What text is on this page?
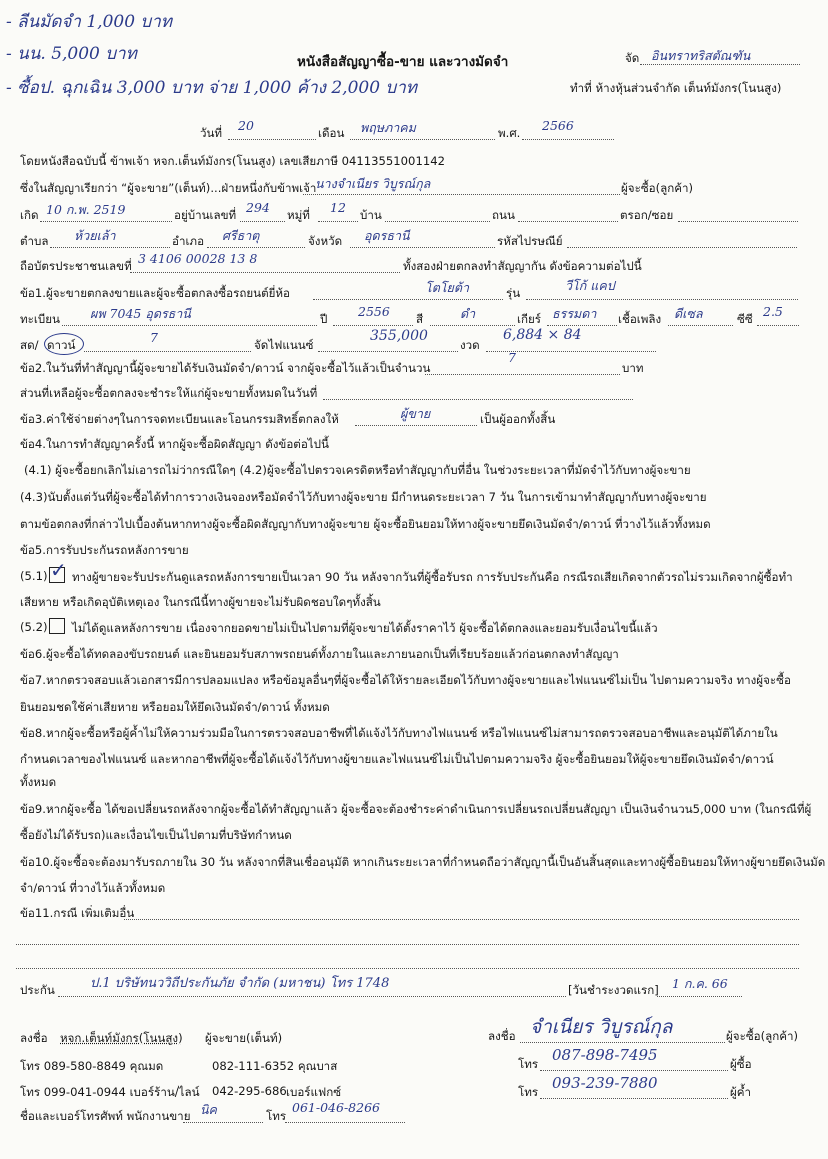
- ลีนมัดจำ 1,000 บาท
- นน. 5,000 บาท
- ซื้อป. ฉุกเฉิน 3,000 บาท จ่าย 1,000 ค้าง 2,000 บาท
หนังสือสัญญาซื้อ-ขาย และวางมัดจำ	จัด อินทราทริสตัณฑัน
ทำที่ ห้างหุ้นส่วนจำกัด เต็นท์มังกร(โนนสูง)
วันที่ 20	เดือน พฤษภาคม	พ.ศ. 2566
โดยหนังสือฉบับนี้ ข้าพเจ้า หจก.เต็นท์มังกร(โนนสูง) เลขเสียภาษี 04113551001142
ซึ่งในสัญญาเรียกว่า “ผู้จะขาย”(เต็นท์)...ฝ่ายหนึ่งกับข้าพเจ้า
นางจำเนียร วิบูรณ์กุล	ผู้จะซื้อ(ลูกค้า)
เกิด 10 ก.พ. 2519	อยู่บ้านเลขที่ 294 หมู่ที่ 12 บ้าน	ถนน	ตรอก/ซอย
ตำบล ห้วยเล้า	อำเภอ ศรีธาตุ	จังหวัด อุดรธานี	รหัสไปรษณีย์
ถือบัตรประชาชนเลขที่ 3 4106 00028 13 8	ทั้งสองฝ่ายตกลงทำสัญญากัน ดังข้อความต่อไปนี้
ข้อ1.ผู้จะขายตกลงขายและผู้จะซื้อตกลงซื้อรถยนต์ยี่ห้อ	โตโยต้า	รุ่น	วีโก้ แคป
ทะเบียน ผพ 7045 อุดรธานี	ปี 2556 สี	ดำ	เกียร์ ธรรมดา เชื้อเพลิง ดีเซล	ซีซี 2.5
สด/ ดาวน์	7	จัดไฟแนนซ์
355,000
งวด
6,884 × 84
ข้อ2.ในวันที่ทำสัญญานี้ผู้จะขายได้รับเงินมัดจำ/ดาวน์ จากผู้จะซื้อไว้แล้วเป็นจำนวน
7
บาท
ส่วนที่เหลือผู้จะซื้อตกลงจะชำระให้แก่ผู้จะขายทั้งหมดในวันที่
ข้อ3.ค่าใช้จ่ายต่างๆในการจดทะเบียนและโอนกรรมสิทธิ์ตกลงให้	ผู้ขาย	เป็นผู้ออกทั้งสิ้น
ข้อ4.ในการทำสัญญาครั้งนี้ หากผู้จะซื้อผิดสัญญา ดังข้อต่อไปนี้
(4.1) ผู้จะซื้อยกเลิกไม่เอารถไม่ว่ากรณีใดๆ (4.2)ผู้จะซื้อไปตรวจเครดิตหรือทำสัญญากับที่อื่น ในช่วงระยะเวลาที่มัดจำไว้กับทางผู้จะขาย
(4.3)นับตั้งแต่วันที่ผู้จะซื้อได้ทำการวางเงินจองหรือมัดจำไว้กับทางผู้จะขาย มีกำหนดระยะเวลา 7 วัน ในการเข้ามาทำสัญญากับทางผู้จะขาย
ตามข้อตกลงที่กล่าวไปเบื้องต้นหากทางผู้จะซื้อผิดสัญญากับทางผู้จะขาย ผู้จะซื้อยินยอมให้ทางผู้จะขายยึดเงินมัดจำ/ดาวน์ ที่วางไว้แล้วทั้งหมด
ข้อ5.การรับประกันรถหลังการขาย
(5.1) ✓ ทางผู้ขายจะรับประกันดูแลรถหลังการขายเป็นเวลา 90 วัน หลังจากวันที่ผู้ซื้อรับรถ การรับประกันคือ กรณีรถเสียเกิดจากตัวรถไม่รวมเกิดจากผู้ซื้อทำ
เสียหาย หรือเกิดอุบัติเหตุเอง ในกรณีนี้ทางผู้ขายจะไม่รับผิดชอบใดๆทั้งสิ้น
(5.2) ไม่ได้ดูแลหลังการขาย เนื่องจากยอดขายไม่เป็นไปตามที่ผู้จะขายได้ตั้งราคาไว้ ผู้จะซื้อได้ตกลงและยอมรับเงื่อนไขนี้แล้ว
ข้อ6.ผู้จะซื้อได้ทดลองขับรถยนต์ และยินยอมรับสภาพรถยนต์ทั้งภายในและภายนอกเป็นที่เรียบร้อยแล้วก่อนตกลงทำสัญญา
ข้อ7.หากตรวจสอบแล้วเอกสารมีการปลอมแปลง หรือข้อมูลอื่นๆที่ผู้จะซื้อได้ให้รายละเอียดไว้กับทางผู้จะขายและไฟแนนซ์ไม่เป็น ไปตามความจริง ทางผู้จะซื้อ
ยินยอมชดใช้ค่าเสียหาย หรือยอมให้ยึดเงินมัดจำ/ดาวน์ ทั้งหมด
ข้อ8.หากผู้จะซื้อหรือผู้ค้ำไม่ให้ความร่วมมือในการตรวจสอบอาชีพที่ได้แจ้งไว้กับทางไฟแนนซ์ หรือไฟแนนซ์ไม่สามารถตรวจสอบอาชีพและอนุมัติได้ภายใน
กำหนดเวลาของไฟแนนซ์ และหากอาชีพที่ผู้จะซื้อได้แจ้งไว้กับทางผู้ขายและไฟแนนซ์ไม่เป็นไปตามความจริง ผู้จะซื้อยินยอมให้ผู้จะขายยึดเงินมัดจำ/ดาวน์
ทั้งหมด
ข้อ9.หากผู้จะซื้อ ได้ขอเปลี่ยนรถหลังจากผู้จะซื้อได้ทำสัญญาแล้ว ผู้จะซื้อจะต้องชำระค่าดำเนินการเปลี่ยนรถเปลี่ยนสัญญา เป็นเงินจำนวน5,000 บาท (ในกรณีที่ผู้
ซื้อยังไม่ได้รับรถ)และเงื่อนไขเป็นไปตามที่บริษัทกำหนด
ข้อ10.ผู้จะซื้อจะต้องมารับรถภายใน 30 วัน หลังจากที่สินเชื่ออนุมัติ หากเกินระยะเวลาที่กำหนดถือว่าสัญญานี้เป็นอันสิ้นสุดและทางผู้ซื้อยินยอมให้ทางผู้ขายยึดเงินมัด
จำ/ดาวน์ ที่วางไว้แล้วทั้งหมด
ข้อ11.กรณี เพิ่มเติมอื่น
ประกัน	ป.1 บริษัทนววิถีประกันภัย จำกัด (มหาชน) โทร 1748	[วันชำระงวดแรก] 1 ก.ค. 66
ลงชื่อ หจก.เต็นท์มังกร(โนนสูง) ผู้จะขาย(เต็นท์)
โทร 089-580-8849 คุณมด	082-111-6352 คุณบาส
โทร 099-041-0944 เบอร์ร้าน/ไลน์ 042-295-686 เบอร์แฟกซ์
ชื่อและเบอร์โทรศัพท์ พนักงานขาย นิค	โทร
061-046-8266
ลงชื่อ จำเนียร วิบูรณ์กุล	ผู้จะซื้อ(ลูกค้า)
โทร 087-898-7495	ผู้ซื้อ
โทร 093-239-7880	ผู้ค้ำ
